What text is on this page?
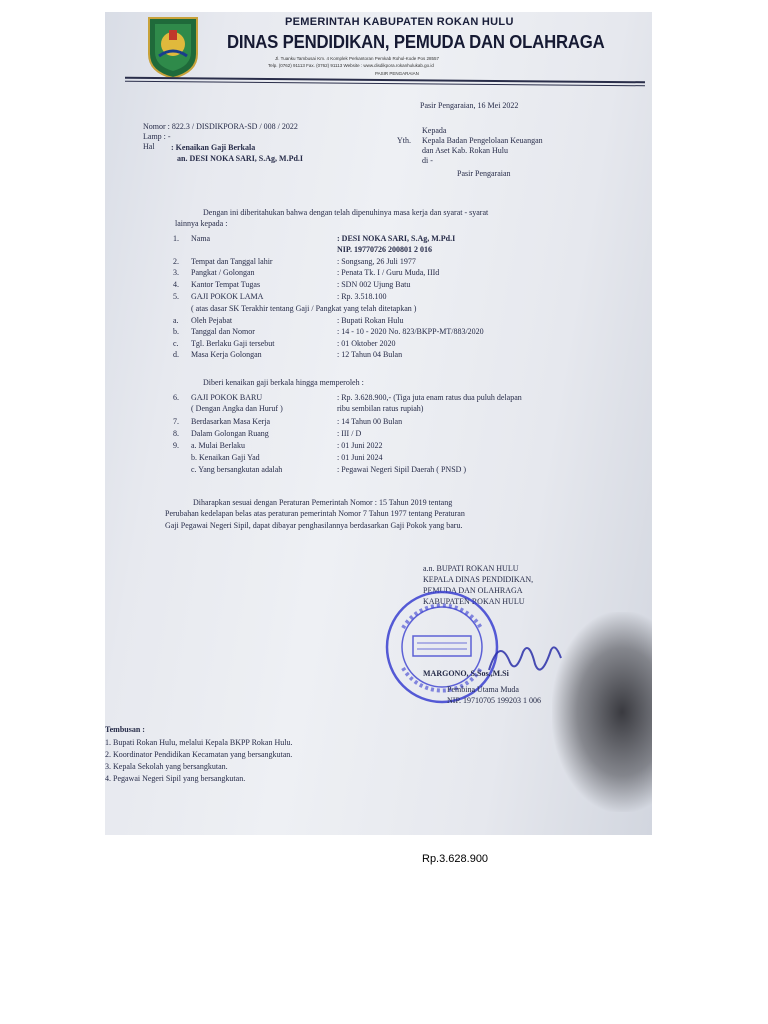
PEMERINTAH KABUPATEN ROKAN HULU
DINAS PENDIDIKAN, PEMUDA DAN OLAHRAGA
Jl. Tuanku Tambusai Km. 4 Komplek Perkantoran Pemkab Rohul-Kode Pos 28557
Telp. (0762) 91113 Fax. (0762) 91113 Website : www.disdikpora.rokanhulukab.go.id
PASIR PENGARAIAN
Pasir Pengaraian, 16 Mei 2022
Nomor : 822.3 / DISDIKPORA-SD / 008 / 2022
Lamp : -
Hal : Kenaikan Gaji Berkala
an. DESI NOKA SARI, S.Ag, M.Pd.I
Kepada
Yth. Kepala Badan Pengelolaan Keuangan
dan Aset Kab. Rokan Hulu
di -
Pasir Pengaraian
Dengan ini diberitahukan bahwa dengan telah dipenuhinya masa kerja dan syarat - syarat
lainnya kepada :
1. Nama	: DESI NOKA SARI, S.Ag, M.Pd.I
NIP. 19770726 200801 2 016
2. Tempat dan Tanggal lahir	: Songsang, 26 Juli 1977
3. Pangkat / Golongan	: Penata Tk. I / Guru Muda, IIId
4. Kantor Tempat Tugas	: SDN 002 Ujung Batu
5. GAJI POKOK LAMA	: Rp. 3.518.100
( atas dasar SK Terakhir tentang Gaji / Pangkat yang telah ditetapkan )
a. Oleh Pejabat	: Bupati Rokan Hulu
b. Tanggal dan Nomor	: 14 - 10 - 2020 No. 823/BKPP-MT/883/2020
c. Tgl. Berlaku Gaji tersebut	: 01 Oktober 2020
d. Masa Kerja Golongan	: 12 Tahun 04 Bulan
Diberi kenaikan gaji berkala hingga memperoleh :
6. GAJI POKOK BARU	: Rp. 3.628.900,- (Tiga juta enam ratus dua puluh delapan
( Dengan Angka dan Huruf )	ribu sembilan ratus rupiah)
7. Berdasarkan Masa Kerja	: 14 Tahun 00 Bulan
8. Dalam Golongan Ruang	: III / D
9. a. Mulai Berlaku	: 01 Juni 2022
b. Kenaikan Gaji Yad	: 01 Juni 2024
c. Yang bersangkutan adalah	: Pegawai Negeri Sipil Daerah ( PNSD )
Diharapkan sesuai dengan Peraturan Pemerintah Nomor : 15 Tahun 2019 tentang
Perubahan kedelapan belas atas peraturan pemerintah Nomor 7 Tahun 1977 tentang Peraturan
Gaji Pegawai Negeri Sipil, dapat dibayar penghasilannya berdasarkan Gaji Pokok yang baru.
a.n. BUPATI ROKAN HULU
KEPALA DINAS PENDIDIKAN,
PEMUDA DAN OLAHRAGA
KABUPATEN ROKAN HULU
MARGONO, S.Sos.,M.Si
Pembina Utama Muda
NIP. 19710705 199203 1 006
Tembusan :
1. Bupati Rokan Hulu, melalui Kepala BKPP Rokan Hulu.
2. Koordinator Pendidikan Kecamatan yang bersangkutan.
3. Kepala Sekolah yang bersangkutan.
4. Pegawai Negeri Sipil yang bersangkutan.
Rp.3.628.900
